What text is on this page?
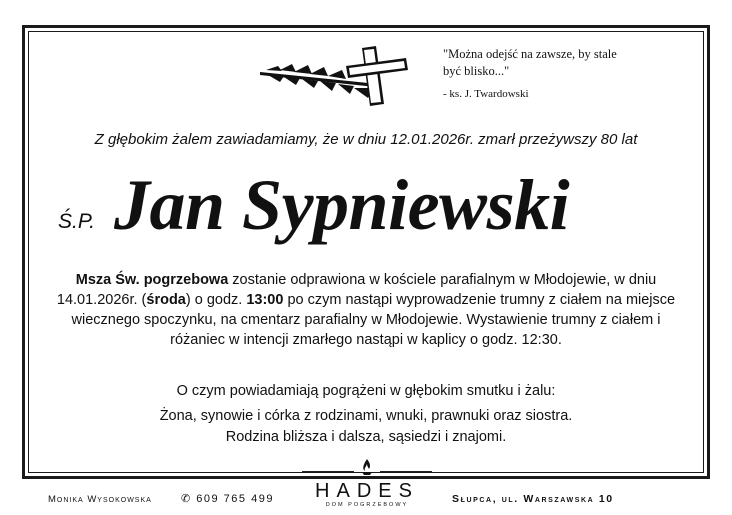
"Można odejść na zawsze, by stale
być blisko..."
- ks. J. Twardowski
Z głębokim żalem zawiadamiamy, że w dniu 12.01.2026r. zmarł przeżywszy 80 lat
Ś.P. Jan Sypniewski
Msza Św. pogrzebowa zostanie odprawiona w kościele parafialnym w Młodojewie, w dniu 14.01.2026r. (środa) o godz. 13:00 po czym nastąpi wyprowadzenie trumny z ciałem na miejsce wiecznego spoczynku, na cmentarz parafialny w Młodojewie. Wystawienie trumny z ciałem i różaniec w intencji zmarłego nastąpi w kaplicy o godz. 12:30.
O czym powiadamiają pogrążeni w głębokim smutku i żalu:
Żona, synowie i córka z rodzinami, wnuki, prawnuki oraz siostra.
Rodzina bliższa i dalsza, sąsiedzi i znajomi.
Monika Wysokowska	✆ 609 765 499	HADES
DOM POGRZEBOWY	Słupca, ul. Warszawska 10
